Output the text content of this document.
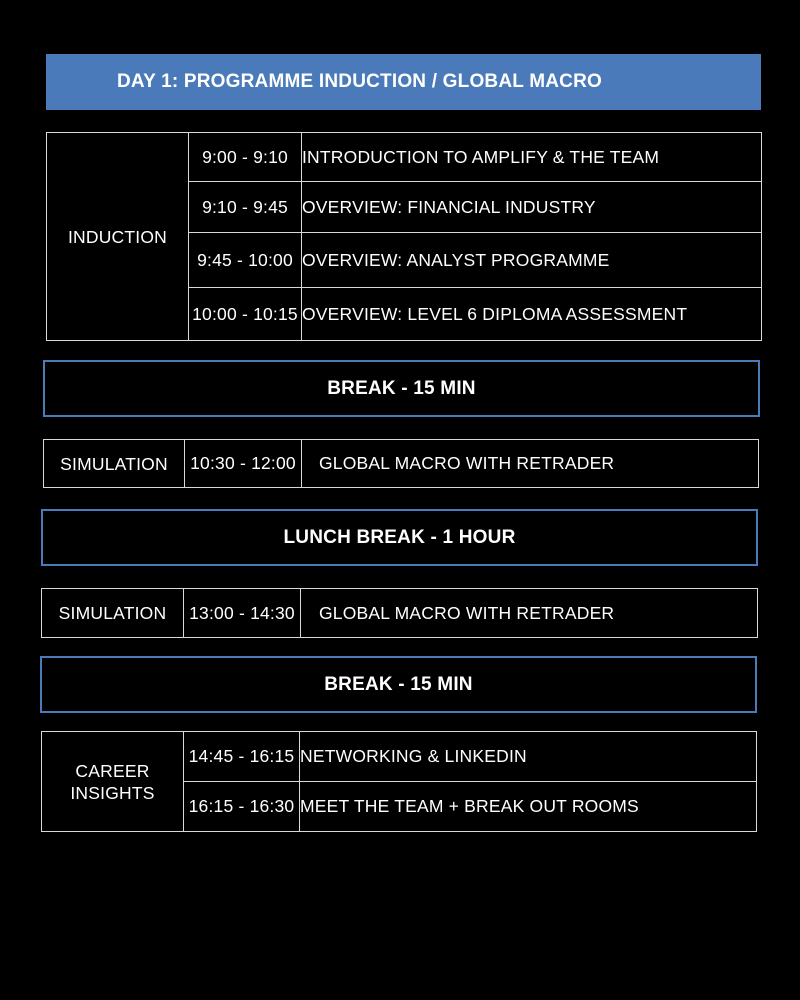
DAY 1: PROGRAMME INDUCTION / GLOBAL MACRO
INDUCTION	9:00 - 9:10	INTRODUCTION TO AMPLIFY & THE TEAM
	9:10 - 9:45	OVERVIEW: FINANCIAL INDUSTRY
	9:45 - 10:00	OVERVIEW: ANALYST PROGRAMME
	10:00 - 10:15	OVERVIEW: LEVEL 6 DIPLOMA ASSESSMENT
BREAK - 15 MIN
SIMULATION	10:30 - 12:00	GLOBAL MACRO WITH RETRADER
LUNCH BREAK - 1 HOUR
SIMULATION	13:00 - 14:30	GLOBAL MACRO WITH RETRADER
BREAK - 15 MIN
CAREER
INSIGHTS	14:45 - 16:15	NETWORKING & LINKEDIN
	16:15 - 16:30	MEET THE TEAM + BREAK OUT ROOMS
